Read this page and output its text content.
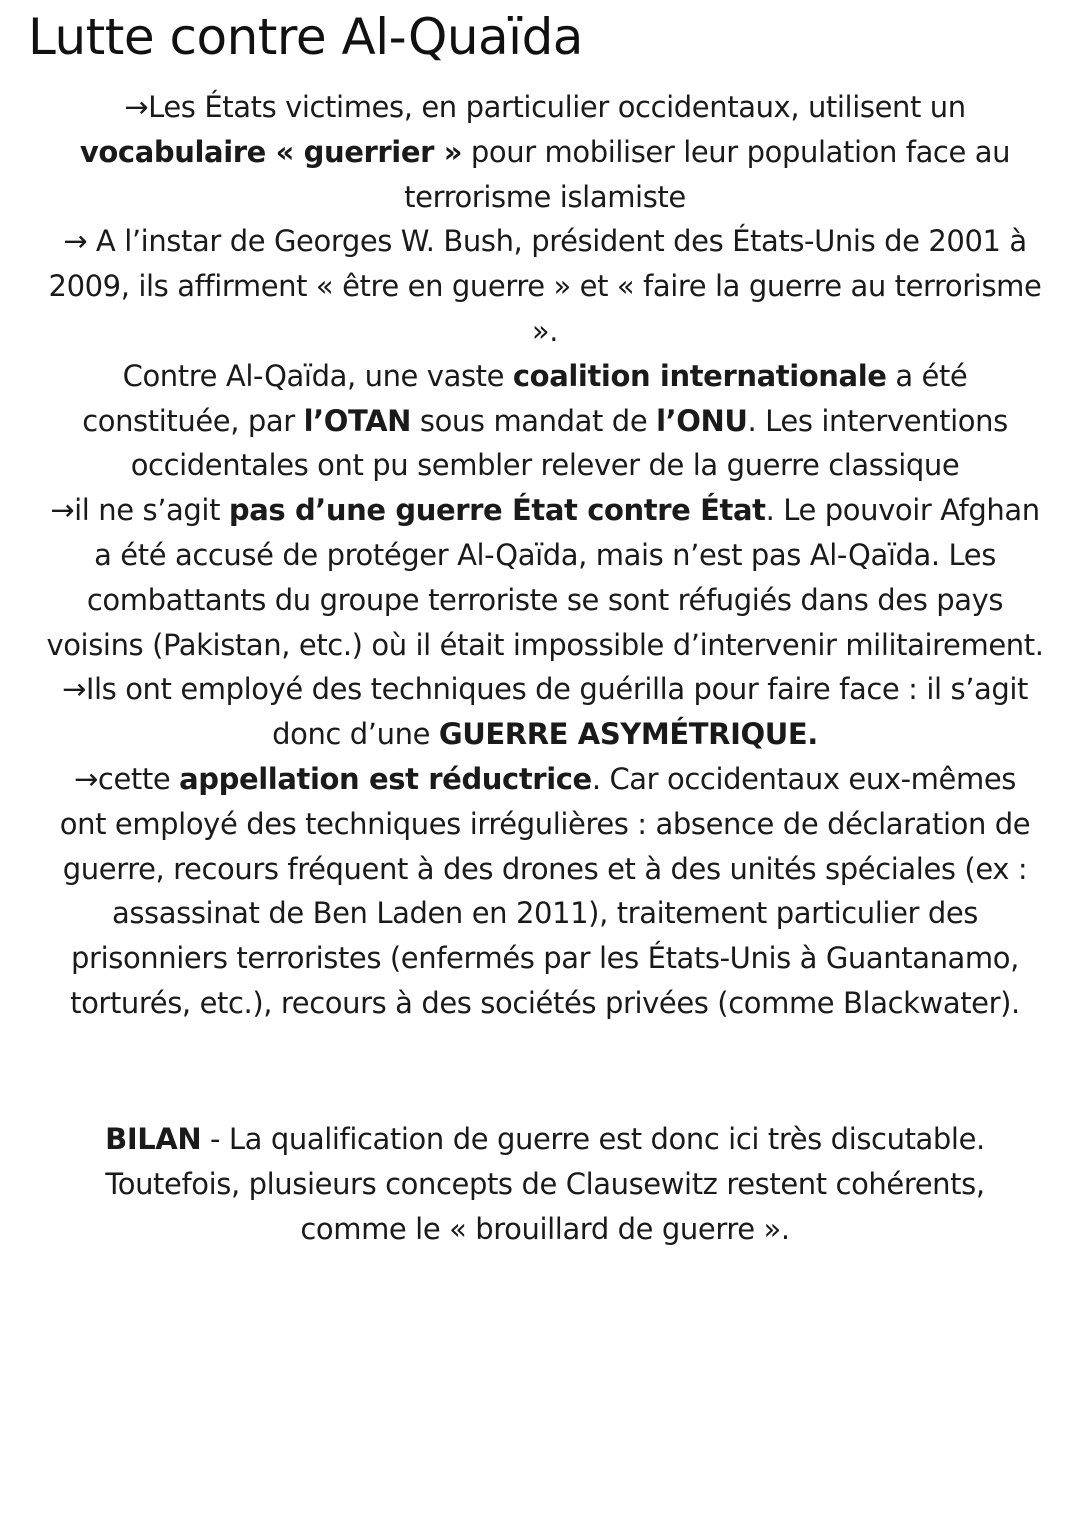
Lutte contre Al-Quaïda
→Les États victimes, en particulier occidentaux, utilisent un
vocabulaire « guerrier » pour mobiliser leur population face au
terrorisme islamiste
→ A l’instar de Georges W. Bush, président des États-Unis de 2001 à
2009, ils affirment « être en guerre » et « faire la guerre au terrorisme
».
Contre Al-Qaïda, une vaste coalition internationale a été
constituée, par l’OTAN sous mandat de l’ONU. Les interventions
occidentales ont pu sembler relever de la guerre classique
→il ne s’agit pas d’une guerre État contre État. Le pouvoir Afghan
a été accusé de protéger Al-Qaïda, mais n’est pas Al-Qaïda. Les
combattants du groupe terroriste se sont réfugiés dans des pays
voisins (Pakistan, etc.) où il était impossible d’intervenir militairement.
→Ils ont employé des techniques de guérilla pour faire face : il s’agit
donc d’une GUERRE ASYMÉTRIQUE.
→cette appellation est réductrice. Car occidentaux eux-mêmes
ont employé des techniques irrégulières : absence de déclaration de
guerre, recours fréquent à des drones et à des unités spéciales (ex :
assassinat de Ben Laden en 2011), traitement particulier des
prisonniers terroristes (enfermés par les États-Unis à Guantanamo,
torturés, etc.), recours à des sociétés privées (comme Blackwater).
BILAN - La qualification de guerre est donc ici très discutable.
Toutefois, plusieurs concepts de Clausewitz restent cohérents,
comme le « brouillard de guerre ».
